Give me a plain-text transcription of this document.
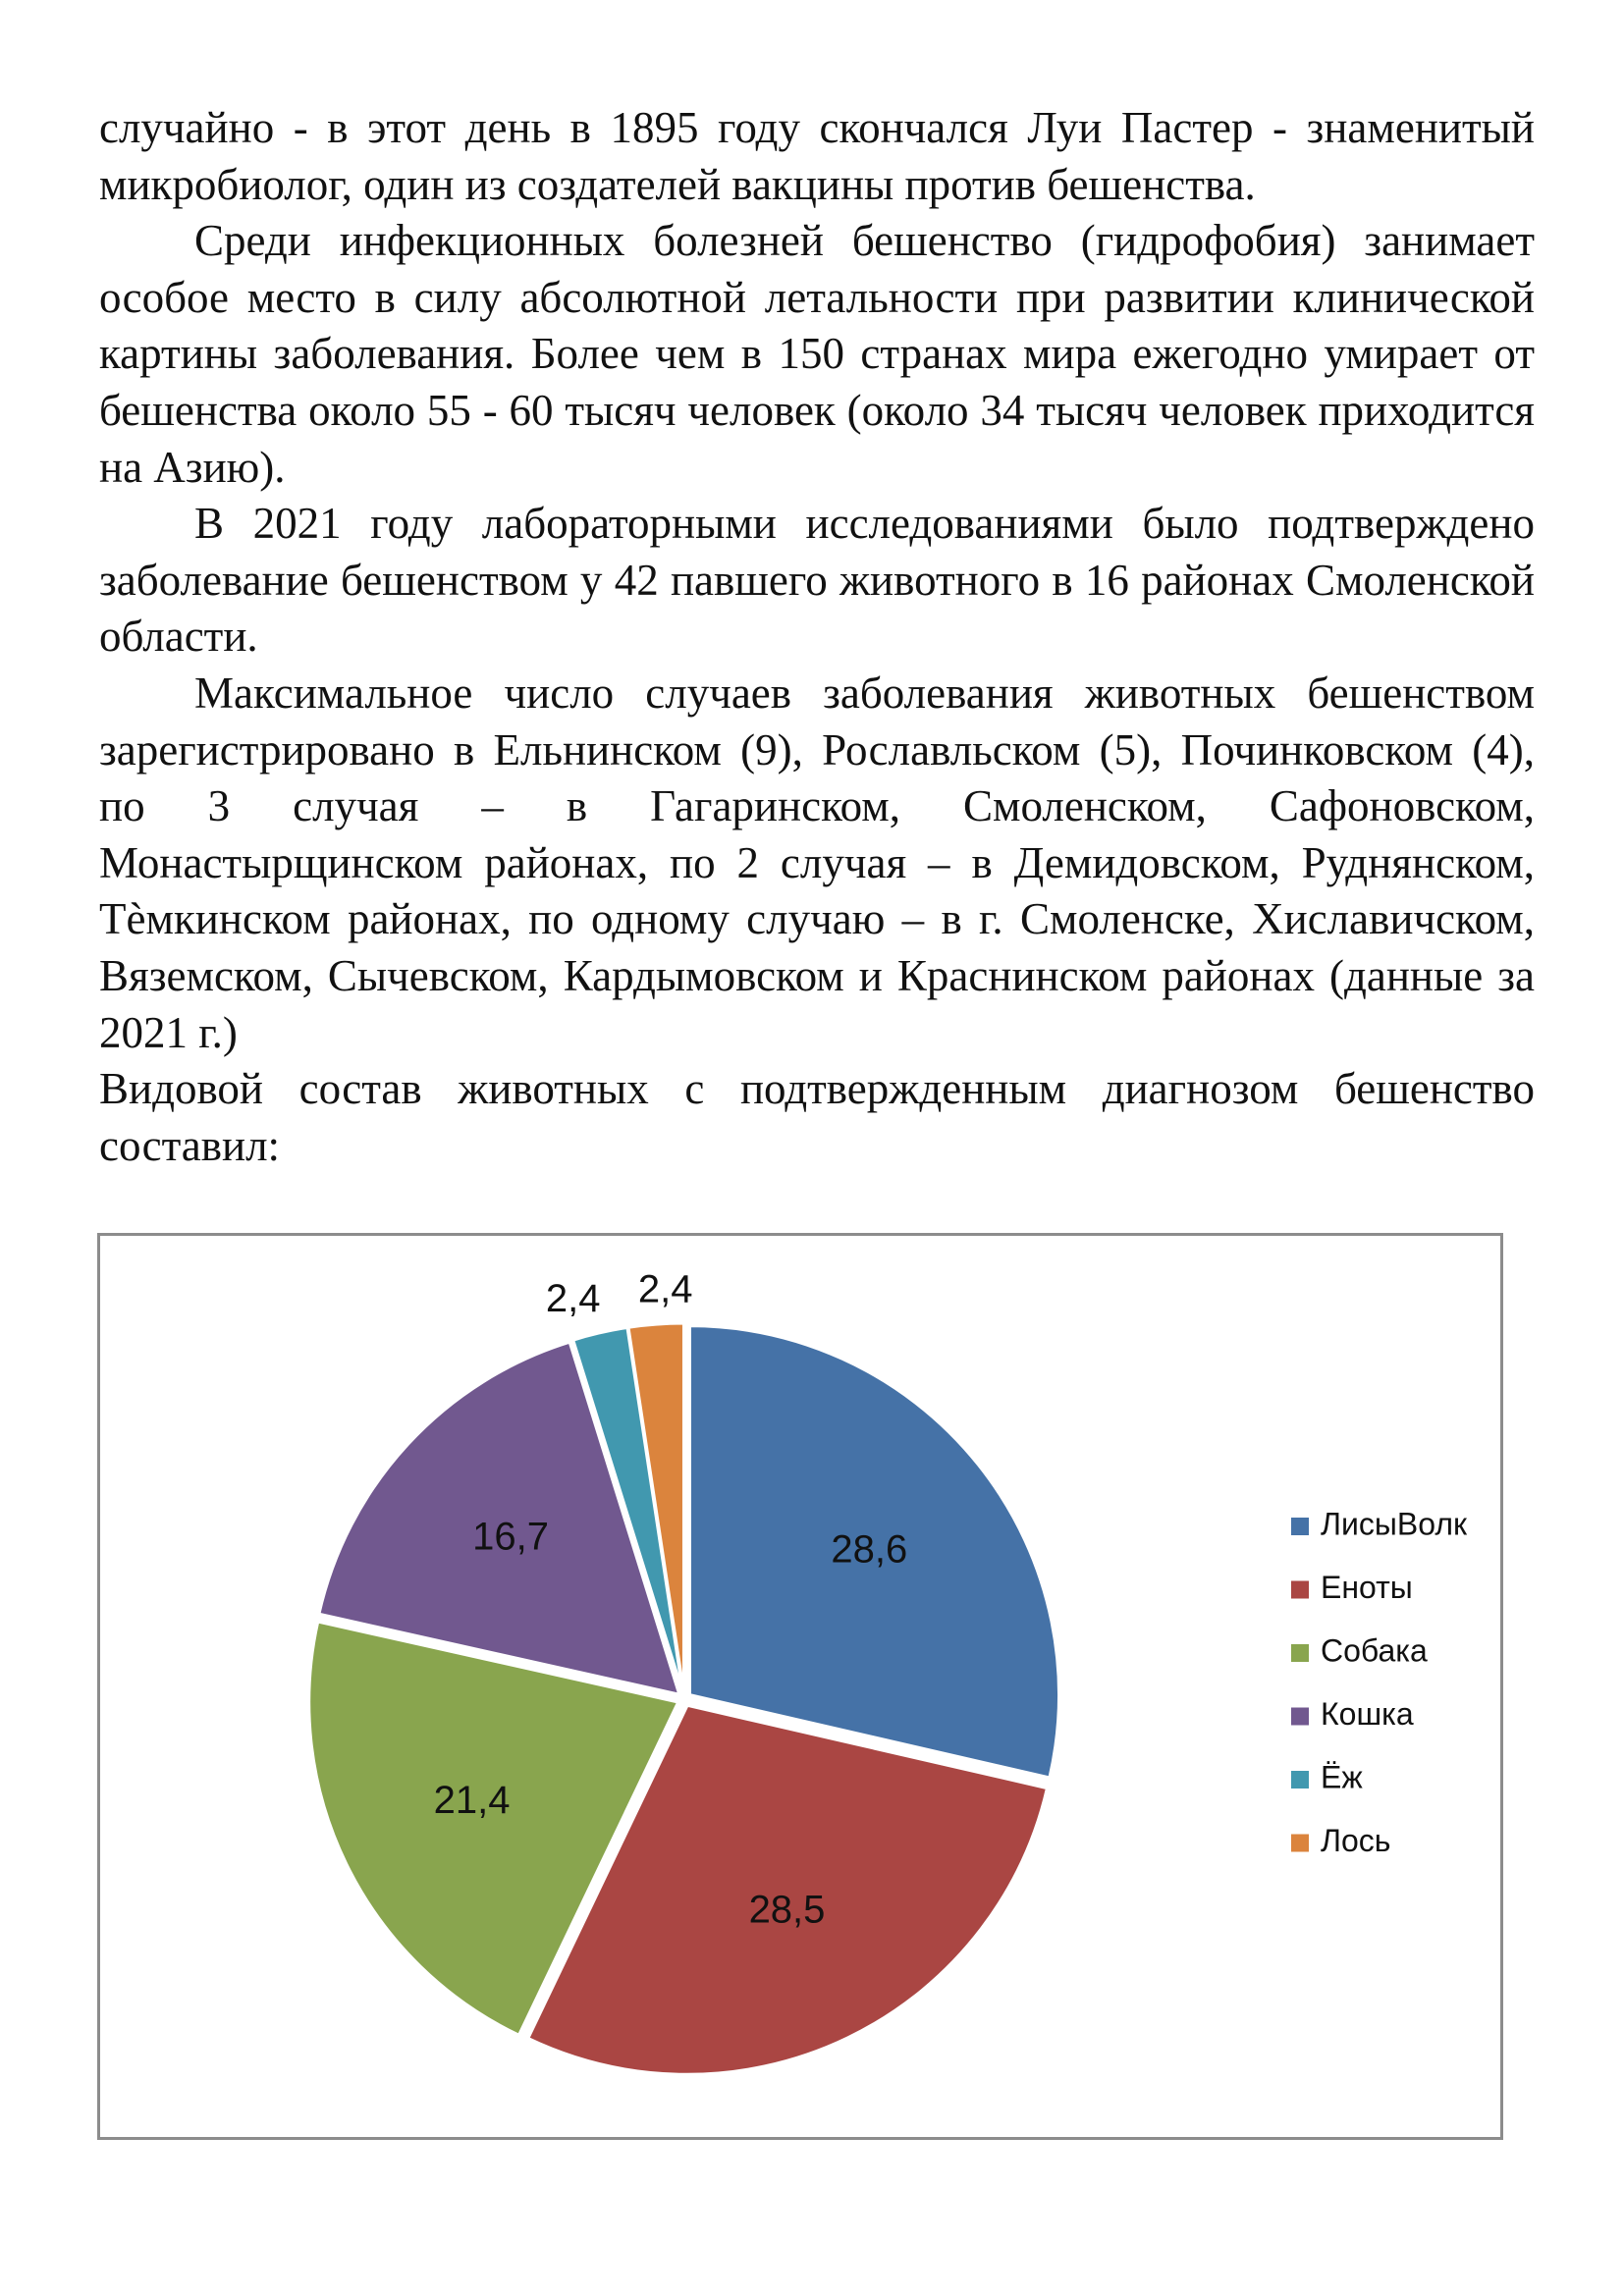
случайно - в этот день в 1895 году скончался Луи Пастер - знаменитый микробиолог, один из создателей вакцины против бешенства.

Среди инфекционных болезней бешенство (гидрофобия) занимает особое место в силу абсолютной летальности при развитии клинической картины заболевания. Более чем в 150 странах мира ежегодно умирает от бешенства около 55 - 60 тысяч человек (около 34 тысяч человек приходится на Азию).

В 2021 году лабораторными исследованиями было подтверждено заболевание бешенством у 42 павшего животного в 16 районах Смоленской области.

Максимальное число случаев заболевания животных бешенством зарегистрировано в Ельнинском (9), Рославльском (5), Починковском (4), по 3 случая – в Гагаринском, Смоленском, Сафоновском, Монастырщинском районах, по 2 случая – в Демидовском, Руднянском, Тѐмкинском районах, по одному случаю – в г. Смоленске, Хиславичском, Вяземском, Сычевском, Кардымовском и Краснинском районах (данные за 2021 г.)

Видовой состав животных с подтвержденным диагнозом бешенство составил:

28,6
28,5
21,4
16,7
2,4 2,4
ЛисыВолк
Еноты
Собака
Кошка
Ёж
Лось
